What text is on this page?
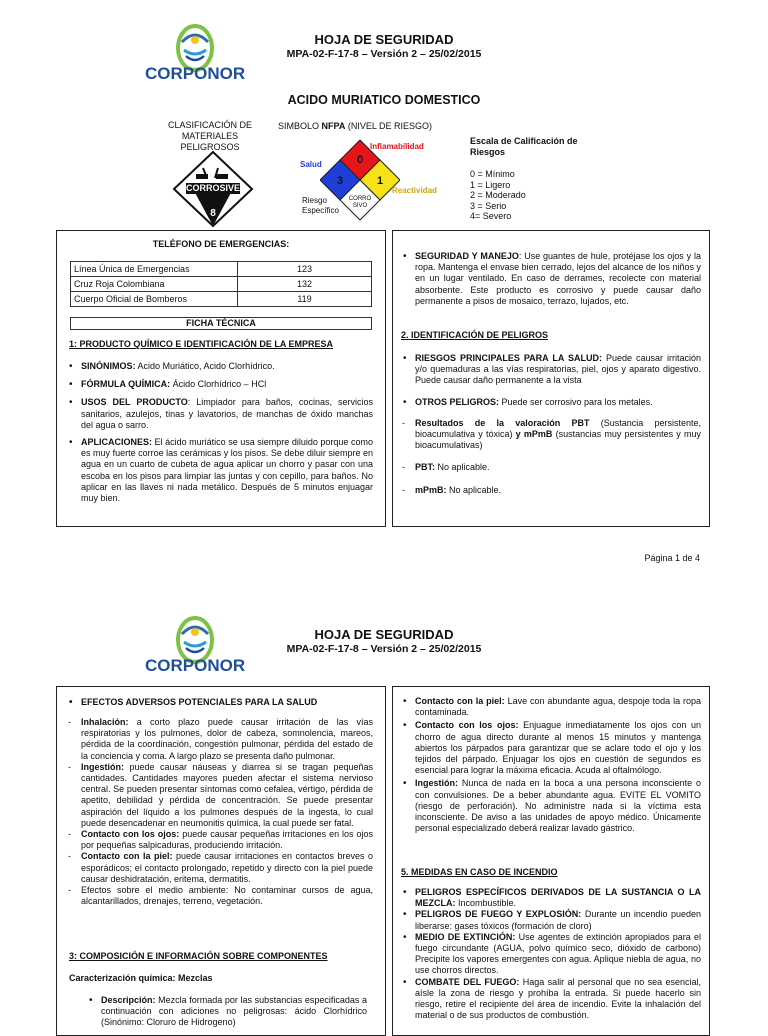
CORPONOR
HOJA DE SEGURIDAD
MPA-02-F-17-8 – Versión 2 – 25/02/2015
ACIDO MURIATICO DOMESTICO
CLASIFICACIÓN DE MATERIALES PELIGROSOS
CORROSIVE
8
SIMBOLO NFPA (NIVEL DE RIESGO)
0
3	1
CORRO SIVO
Salud
Inflamabilidad
Reactividad
Riesgo Específico
Escala de Calificación de Riesgos
0 = Mínimo
1 = Ligero
2 = Moderado
3 = Serio
4= Severo
TELÉFONO DE EMERGENCIAS:
Línea Única de Emergencias	123
Cruz Roja Colombiana	132
Cuerpo Oficial de Bomberos	119
FICHA TÉCNICA
1: PRODUCTO QUÍMICO E IDENTIFICACIÓN DE LA EMPRESA

• SINÓNIMOS: Acido Muriático, Acido Clorhídrico.

• FÓRMULA QUÍMICA: Ácido Clorhídrico – HCl

• USOS DEL PRODUCTO: Limpiador para baños, cocinas, servicios sanitarios, azulejos, tinas y lavatorios, de manchas de óxido manchas del agua o sarro.

• APLICACIONES: El ácido muriático se usa siempre diluido porque como es muy fuerte corroe las cerámicas y los pisos. Se debe diluir siempre en agua en un cuarto de cubeta de agua aplicar un chorro y pasar con una escoba en los pisos para limpiar las juntas y con cepillo, para baños. No aplicar en las llaves ni nada metálico. Después de 5 minutos enjuagar muy bien.

• SEGURIDAD Y MANEJO: Use guantes de hule, protéjase los ojos y la ropa. Mantenga el envase bien cerrado, lejos del alcance de los niños y en un lugar ventilado. En caso de derrames, recolecte con material absorbente. Este producto es corrosivo y puede causar daño permanente a pisos de mosaico, terrazo, lujados, etc.

2. IDENTIFICACIÓN DE PELIGROS

• RIESGOS PRINCIPALES PARA LA SALUD: Puede causar irritación y/o quemaduras a las vías respiratorias, piel, ojos y aparato digestivo. Puede causar daño permanente a la vista

• OTROS PELIGROS: Puede ser corrosivo para los metales.

- Resultados de la valoración PBT (Sustancia persistente, bioacumulativa y tóxica) y mPmB (sustancias muy persistentes y muy bioacumulativas)

- PBT: No aplicable.

- mPmB: No aplicable.

Página 1 de 4
CORPONOR
HOJA DE SEGURIDAD
MPA-02-F-17-8 – Versión 2 – 25/02/2015

• EFECTOS ADVERSOS POTENCIALES PARA LA SALUD

- Inhalación: a corto plazo puede causar irritación de las vías respiratorias y los pulmones, dolor de cabeza, somnolencia, mareos, pérdida de la coordinación, congestión pulmonar, pérdida del estado de la conciencia y coma. A largo plazo se presenta daño pulmonar.

- Ingestión: puede causar náuseas y diarrea si se tragan pequeñas cantidades. Cantidades mayores pueden afectar el sistema nervioso central. Se pueden presentar síntomas como cefalea, vértigo, pérdida de apetito, debilidad y pérdida de concentración. Se puede presentar aspiración del líquido a los pulmones después de la ingesta, lo cual puede desencadenar en neumonitis química, la cual puede ser fatal.

- Contacto con los ojos: puede causar pequeñas irritaciones en los ojos por pequeñas salpicaduras, produciendo irritación.

- Contacto con la piel: puede causar irritaciones en contactos breves o esporádicos; el contacto prolongado, repetido y directo con la piel puede causar deshidratación, eritema, dermatitis.

- Efectos sobre el medio ambiente: No contaminar cursos de agua, alcantarillados, drenajes, terreno, vegetación.

3: COMPOSICIÓN E INFORMACIÓN SOBRE COMPONENTES
Caracterización química: Mezclas

• Descripción: Mezcla formada por las substancias especificadas a continuación con adiciones no peligrosas: ácido Clorhídrico (Sinónimo: Cloruro de Hidrogeno)

• Contacto con la piel: Lave con abundante agua, despoje toda la ropa contaminada.

• Contacto con los ojos: Enjuague inmediatamente los ojos con un chorro de agua directo durante al menos 15 minutos y mantenga abiertos los párpados para garantizar que se aclare todo el ojo y los tejidos del párpado. Enjuagar los ojos en cuestión de segundos es esencial para lograr la máxima eficacia. Acuda al oftalmólogo.

• Ingestión: Nunca de nada en la boca a una persona inconsciente o con convulsiones. De a beber abundante agua. EVITE EL VOMITO (riesgo de perforación). No administre nada si la víctima esta inconsciente. De aviso a las unidades de apoyo médico. Únicamente personal especializado deberá realizar lavado gástrico.

5. MEDIDAS EN CASO DE INCENDIO

• PELIGROS ESPECÍFICOS DERIVADOS DE LA SUSTANCIA O LA MEZCLA: Incombustible.

• PELIGROS DE FUEGO Y EXPLOSIÓN: Durante un incendio pueden liberarse: gases tóxicos (formación de cloro)

• MEDIO DE EXTINCIÓN: Use agentes de extinción apropiados para el fuego circundante (AGUA, polvo químico seco, dióxido de carbono) Precipite los vapores emergentes con agua. Aplique niebla de agua, no use chorros directos.

• COMBATE DEL FUEGO: Haga salir al personal que no sea esencial, aísle la zona de riesgo y prohíba la entrada. Si puede hacerlo sin riesgo, retire el recipiente del área de incendio. Evite la inhalación del material o de sus productos de combustión.
